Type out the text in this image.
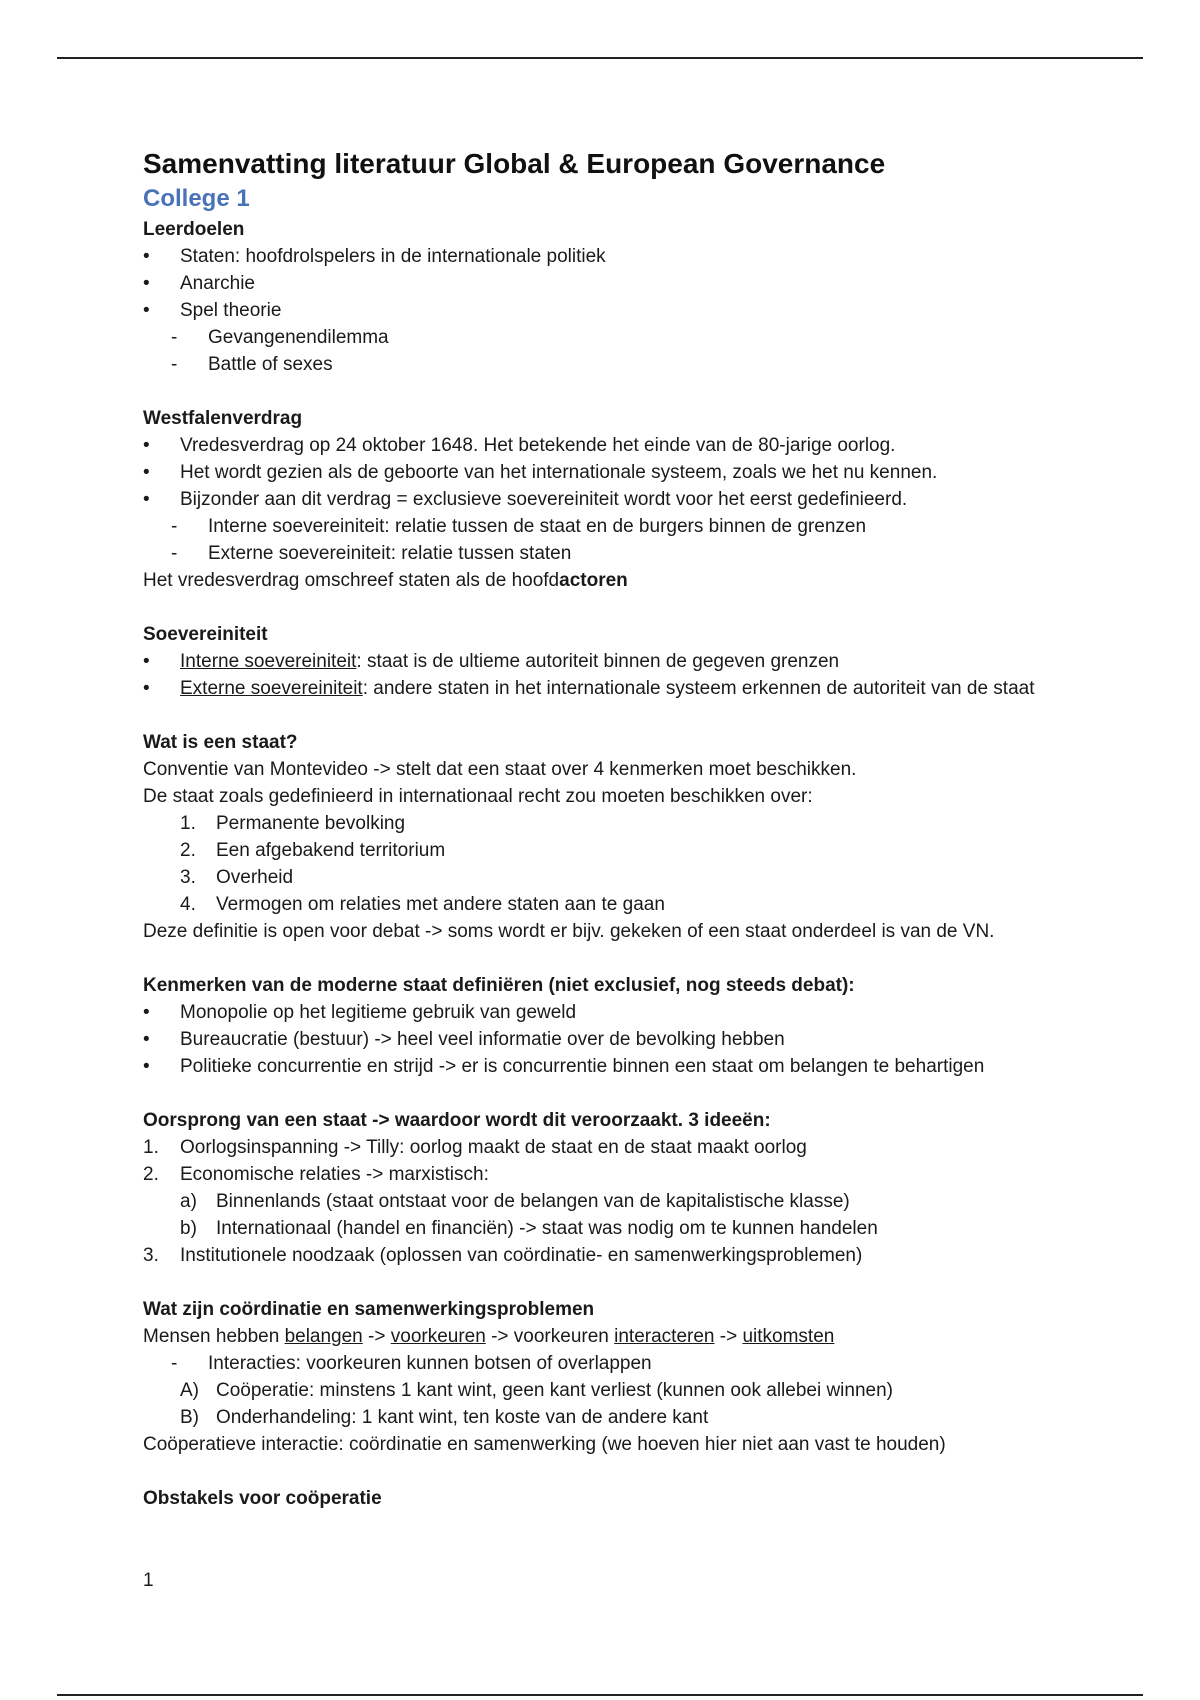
Samenvatting literatuur Global & European Governance
College 1

Leerdoelen

• Staten: hoofdrolspelers in de internationale politiek
• Anarchie
• Spel theorie
- Gevangenendilemma
- Battle of sexes

Westfalenverdrag

• Vredesverdrag op 24 oktober 1648. Het betekende het einde van de 80-jarige oorlog.
• Het wordt gezien als de geboorte van het internationale systeem, zoals we het nu kennen.
• Bijzonder aan dit verdrag = exclusieve soevereiniteit wordt voor het eerst gedefinieerd.
- Interne soevereiniteit: relatie tussen de staat en de burgers binnen de grenzen
- Externe soevereiniteit: relatie tussen staten

Het vredesverdrag omschreef staten als de hoofdactoren

Soevereiniteit

• Interne soevereiniteit: staat is de ultieme autoriteit binnen de gegeven grenzen
• Externe soevereiniteit: andere staten in het internationale systeem erkennen de autoriteit van de staat

Wat is een staat?

Conventie van Montevideo -> stelt dat een staat over 4 kenmerken moet beschikken.

De staat zoals gedefinieerd in internationaal recht zou moeten beschikken over:

1. Permanente bevolking
2. Een afgebakend territorium
3. Overheid
4. Vermogen om relaties met andere staten aan te gaan

Deze definitie is open voor debat -> soms wordt er bijv. gekeken of een staat onderdeel is van de VN.

Kenmerken van de moderne staat definiëren (niet exclusief, nog steeds debat):

• Monopolie op het legitieme gebruik van geweld
• Bureaucratie (bestuur) -> heel veel informatie over de bevolking hebben
• Politieke concurrentie en strijd -> er is concurrentie binnen een staat om belangen te behartigen

Oorsprong van een staat -> waardoor wordt dit veroorzaakt. 3 ideeën:

1. Oorlogsinspanning -> Tilly: oorlog maakt de staat en de staat maakt oorlog
2. Economische relaties -> marxistisch:
a) Binnenlands (staat ontstaat voor de belangen van de kapitalistische klasse)
b) Internationaal (handel en financiën) -> staat was nodig om te kunnen handelen
3. Institutionele noodzaak (oplossen van coördinatie- en samenwerkingsproblemen)

Wat zijn coördinatie en samenwerkingsproblemen

Mensen hebben belangen -> voorkeuren -> voorkeuren interacteren -> uitkomsten

- Interacties: voorkeuren kunnen botsen of overlappen
A) Coöperatie: minstens 1 kant wint, geen kant verliest (kunnen ook allebei winnen)
B) Onderhandeling: 1 kant wint, ten koste van de andere kant

Coöperatieve interactie: coördinatie en samenwerking (we hoeven hier niet aan vast te houden)

Obstakels voor coöperatie

1
